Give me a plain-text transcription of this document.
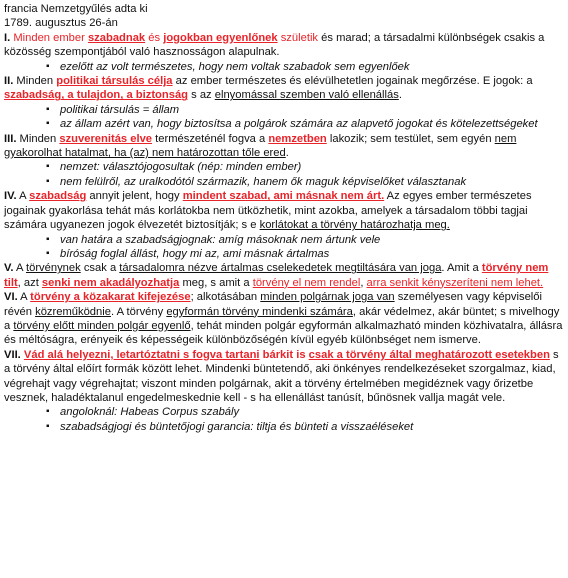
francia Nemzetgyűlés adta ki

1789. augusztus 26-án

I. Minden ember szabadnak és jogokban egyenlőnek születik és marad; a társadalmi különbségek csakis a közösség szempontjából való hasznosságon alapulnak.

▪ ezelőtt az volt természetes, hogy nem voltak szabadok sem egyenlőek

II. Minden politikai társulás célja az ember természetes és elévülhetetlen jogainak megőrzése. E jogok: a szabadság, a tulajdon, a biztonság s az elnyomással szemben való ellenállás.

▪ politikai társulás = állam
▪ az állam azért van, hogy biztosítsa a polgárok számára az alapvető jogokat és kötelezettségeket

III. Minden szuverenitás elve természeténél fogva a nemzetben lakozik; sem testület, sem egyén nem gyakorolhat hatalmat, ha (az) nem határozottan tőle ered.

▪ nemzet: választójogosultak (nép: minden ember)
▪ nem felülről, az uralkodótól származik, hanem ők maguk képviselőket választanak

IV. A szabadság annyit jelent, hogy mindent szabad, ami másnak nem árt. Az egyes ember természetes jogainak gyakorlása tehát más korlátokba nem ütközhetik, mint azokba, amelyek a társadalom többi tagjai számára ugyanezen jogok élvezetét biztosítják; s e korlátokat a törvény határozhatja meg.

▪ van határa a szabadságjognak: amíg másoknak nem ártunk vele
▪ bíróság foglal állást, hogy mi az, ami másnak ártalmas

V. A törvénynek csak a társadalomra nézve ártalmas cselekedetek megtiltására van joga. Amit a törvény nem tilt, azt senki nem akadályozhatja meg, s amit a törvény el nem rendel, arra senkit kényszeríteni nem lehet.

VI. A törvény a közakarat kifejezése; alkotásában minden polgárnak joga van személyesen vagy képviselői révén közreműködnie. A törvény egyformán törvény mindenki számára, akár védelmez, akár büntet; s mivelhogy a törvény előtt minden polgár egyenlő, tehát minden polgár egyformán alkalmazható minden közhivatalra, állásra és méltóságra, erényeik és képességeik különbözőségén kívül egyéb különbséget nem ismerve.

VII. Vád alá helyezni, letartóztatni s fogva tartani bárkit is csak a törvény által meghatározott esetekben s a törvény által előírt formák között lehet. Mindenki büntetendő, aki önkényes rendelkezéseket szorgalmaz, kiad, végrehajt vagy végrehajtat; viszont minden polgárnak, akit a törvény értelmében megidéznek vagy őrizetbe vesznek, haladéktalanul engedelmeskednie kell - s ha ellenállást tanúsít, bűnösnek vallja magát vele.

▪ angoloknál: Habeas Corpus szabály
▪ szabadságjogi és büntetőjogi garancia: tiltja és bünteti a visszaéléseket
